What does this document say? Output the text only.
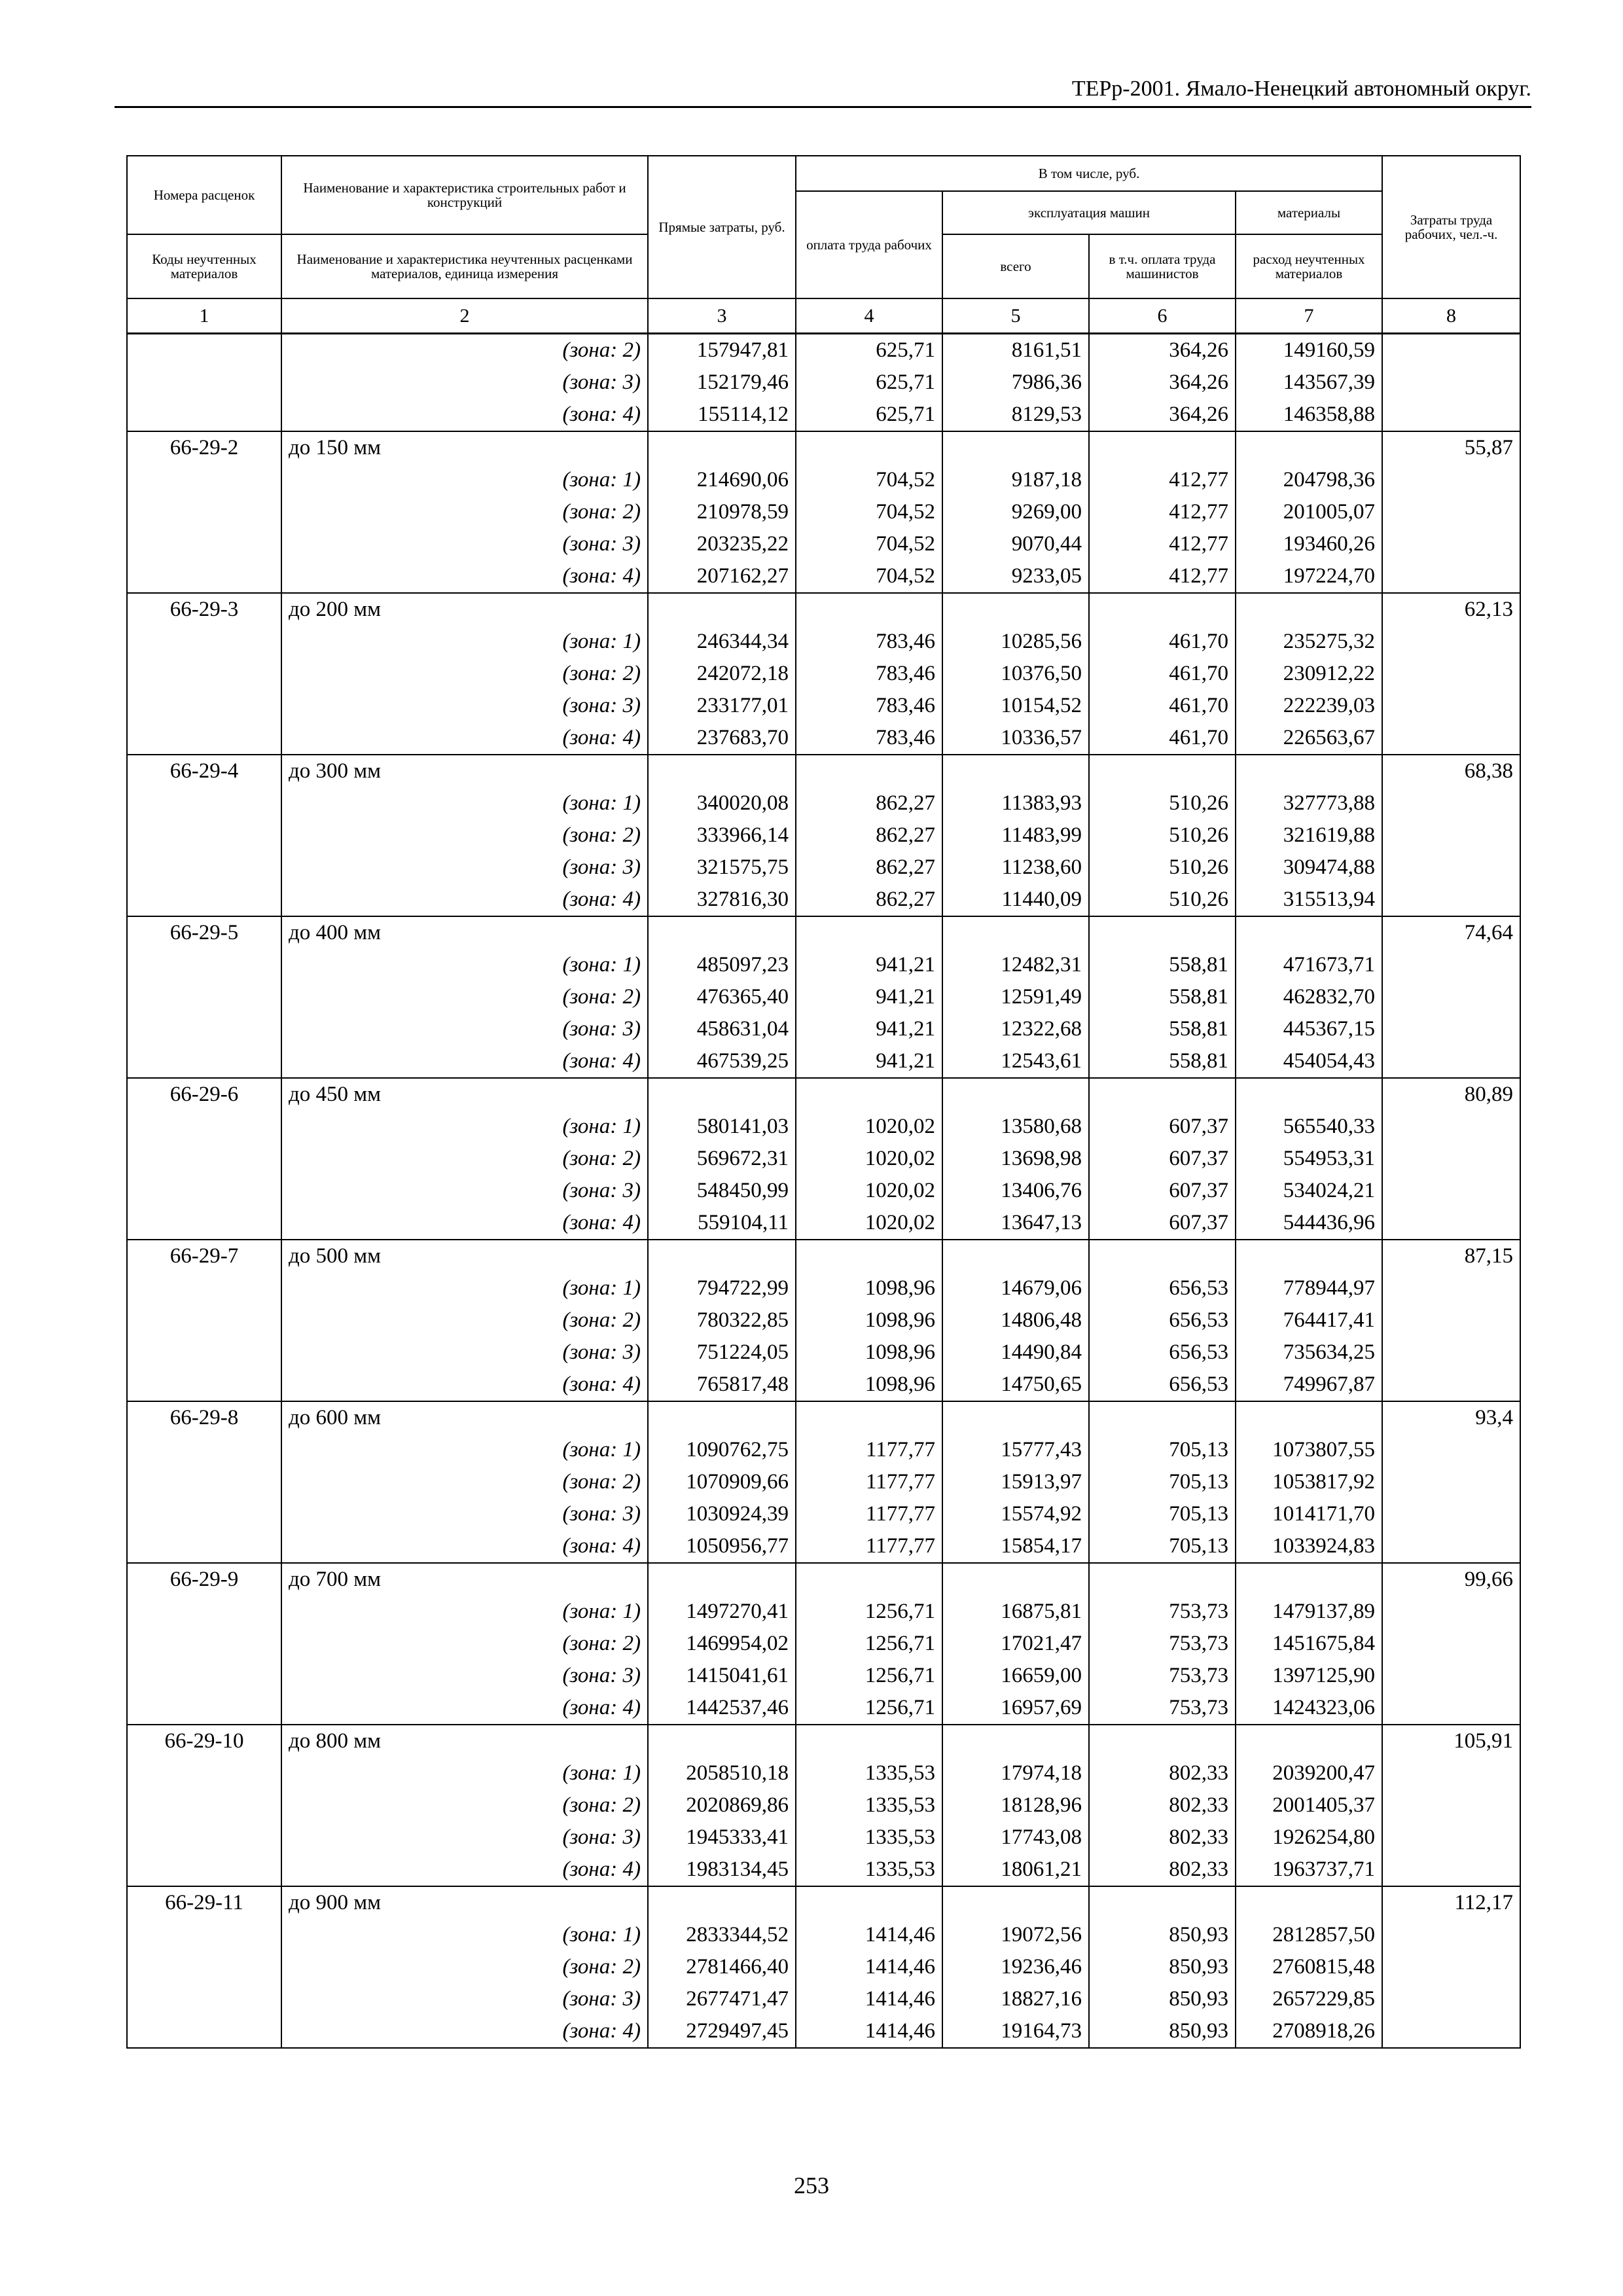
ТЕРр-2001. Ямало-Ненецкий автономный округ.
Номера расценок	Наименование и характеристика строительных работ и конструкций	Прямые затраты, руб.	В том числе, руб.				Затраты труда рабочих, чел.-ч.
			оплата труда рабочих	эксплуатация машин		материалы	
Коды неучтенных материалов	Наименование и характеристика неучтенных расценками материалов, единица измерения			всего	в т.ч. оплата труда машинистов	расход неучтенных материалов	
1	2	3	4	5	6	7	8
	(зона: 2)	157947,81	625,71	8161,51	364,26	149160,59	
	(зона: 3)	152179,46	625,71	7986,36	364,26	143567,39	
	(зона: 4)	155114,12	625,71	8129,53	364,26	146358,88	
66-29-2	до 150 мм						55,87
	(зона: 1)	214690,06	704,52	9187,18	412,77	204798,36	
	(зона: 2)	210978,59	704,52	9269,00	412,77	201005,07	
	(зона: 3)	203235,22	704,52	9070,44	412,77	193460,26	
	(зона: 4)	207162,27	704,52	9233,05	412,77	197224,70	
66-29-3	до 200 мм						62,13
	(зона: 1)	246344,34	783,46	10285,56	461,70	235275,32	
	(зона: 2)	242072,18	783,46	10376,50	461,70	230912,22	
	(зона: 3)	233177,01	783,46	10154,52	461,70	222239,03	
	(зона: 4)	237683,70	783,46	10336,57	461,70	226563,67	
66-29-4	до 300 мм						68,38
	(зона: 1)	340020,08	862,27	11383,93	510,26	327773,88	
	(зона: 2)	333966,14	862,27	11483,99	510,26	321619,88	
	(зона: 3)	321575,75	862,27	11238,60	510,26	309474,88	
	(зона: 4)	327816,30	862,27	11440,09	510,26	315513,94	
66-29-5	до 400 мм						74,64
	(зона: 1)	485097,23	941,21	12482,31	558,81	471673,71	
	(зона: 2)	476365,40	941,21	12591,49	558,81	462832,70	
	(зона: 3)	458631,04	941,21	12322,68	558,81	445367,15	
	(зона: 4)	467539,25	941,21	12543,61	558,81	454054,43	
66-29-6	до 450 мм						80,89
	(зона: 1)	580141,03	1020,02	13580,68	607,37	565540,33	
	(зона: 2)	569672,31	1020,02	13698,98	607,37	554953,31	
	(зона: 3)	548450,99	1020,02	13406,76	607,37	534024,21	
	(зона: 4)	559104,11	1020,02	13647,13	607,37	544436,96	
66-29-7	до 500 мм						87,15
	(зона: 1)	794722,99	1098,96	14679,06	656,53	778944,97	
	(зона: 2)	780322,85	1098,96	14806,48	656,53	764417,41	
	(зона: 3)	751224,05	1098,96	14490,84	656,53	735634,25	
	(зона: 4)	765817,48	1098,96	14750,65	656,53	749967,87	
66-29-8	до 600 мм						93,4
	(зона: 1)	1090762,75	1177,77	15777,43	705,13	1073807,55	
	(зона: 2)	1070909,66	1177,77	15913,97	705,13	1053817,92	
	(зона: 3)	1030924,39	1177,77	15574,92	705,13	1014171,70	
	(зона: 4)	1050956,77	1177,77	15854,17	705,13	1033924,83	
66-29-9	до 700 мм						99,66
	(зона: 1)	1497270,41	1256,71	16875,81	753,73	1479137,89	
	(зона: 2)	1469954,02	1256,71	17021,47	753,73	1451675,84	
	(зона: 3)	1415041,61	1256,71	16659,00	753,73	1397125,90	
	(зона: 4)	1442537,46	1256,71	16957,69	753,73	1424323,06	
66-29-10	до 800 мм						105,91
	(зона: 1)	2058510,18	1335,53	17974,18	802,33	2039200,47	
	(зона: 2)	2020869,86	1335,53	18128,96	802,33	2001405,37	
	(зона: 3)	1945333,41	1335,53	17743,08	802,33	1926254,80	
	(зона: 4)	1983134,45	1335,53	18061,21	802,33	1963737,71	
66-29-11	до 900 мм						112,17
	(зона: 1)	2833344,52	1414,46	19072,56	850,93	2812857,50	
	(зона: 2)	2781466,40	1414,46	19236,46	850,93	2760815,48	
	(зона: 3)	2677471,47	1414,46	18827,16	850,93	2657229,85	
	(зона: 4)	2729497,45	1414,46	19164,73	850,93	2708918,26	
253
